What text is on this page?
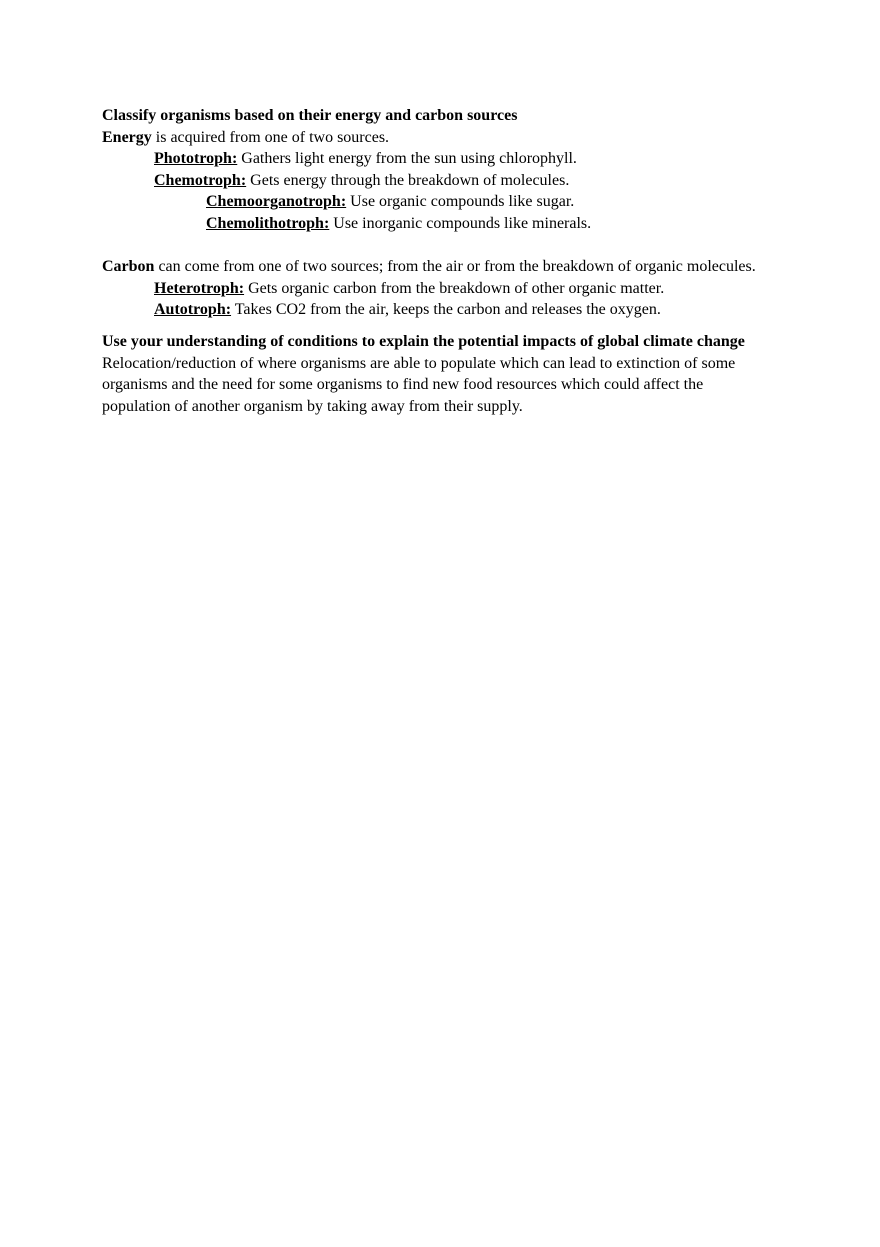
Classify organisms based on their energy and carbon sources
Energy is acquired from one of two sources.
Phototroph: Gathers light energy from the sun using chlorophyll.
Chemotroph: Gets energy through the breakdown of molecules.
Chemoorganotroph: Use organic compounds like sugar.
Chemolithotroph: Use inorganic compounds like minerals.
Carbon can come from one of two sources; from the air or from the breakdown of organic molecules.
Heterotroph: Gets organic carbon from the breakdown of other organic matter.
Autotroph: Takes CO2 from the air, keeps the carbon and releases the oxygen.
Use your understanding of conditions to explain the potential impacts of global climate change
Relocation/reduction of where organisms are able to populate which can lead to extinction of some organisms and the need for some organisms to find new food resources which could affect the population of another organism by taking away from their supply.
